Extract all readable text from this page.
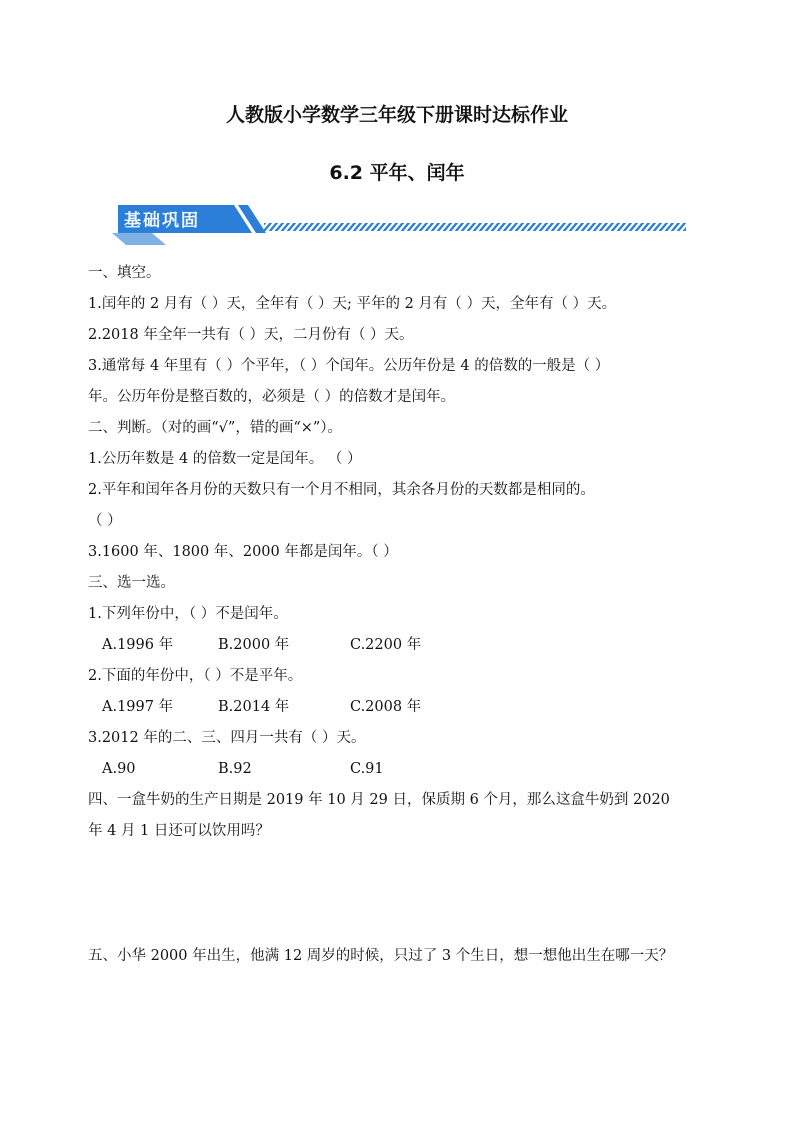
人教版小学数学三年级下册课时达标作业
6.2 平年、闰年
基础巩固
一、填空。
1.闰年的 2 月有（ ）天，全年有（ ）天; 平年的 2 月有（ ）天，全年有（ ）天。
2.2018 年全年一共有（ ）天，二月份有（ ）天。
3.通常每 4 年里有（ ）个平年，（ ）个闰年。公历年份是 4 的倍数的一般是（ ）
年。公历年份是整百数的，必须是（ ）的倍数才是闰年。
二、判断。（对的画“√”，错的画“×”）。
1.公历年数是 4 的倍数一定是闰年。 （ ）
2.平年和闰年各月份的天数只有一个月不相同，其余各月份的天数都是相同的。
（ ）
3.1600 年、1800 年、2000 年都是闰年。（ ）
三、选一选。
1.下列年份中，（ ）不是闰年。
A.1996 年	B.2000 年	C.2200 年
2.下面的年份中，（ ）不是平年。
A.1997 年	B.2014 年	C.2008 年
3.2012 年的二、三、四月一共有（ ）天。
A.90	B.92	C.91
四、一盒牛奶的生产日期是 2019 年 10 月 29 日，保质期 6 个月，那么这盒牛奶到 2020
年 4 月 1 日还可以饮用吗？
五、小华 2000 年出生，他满 12 周岁的时候，只过了 3 个生日，想一想他出生在哪一天？
